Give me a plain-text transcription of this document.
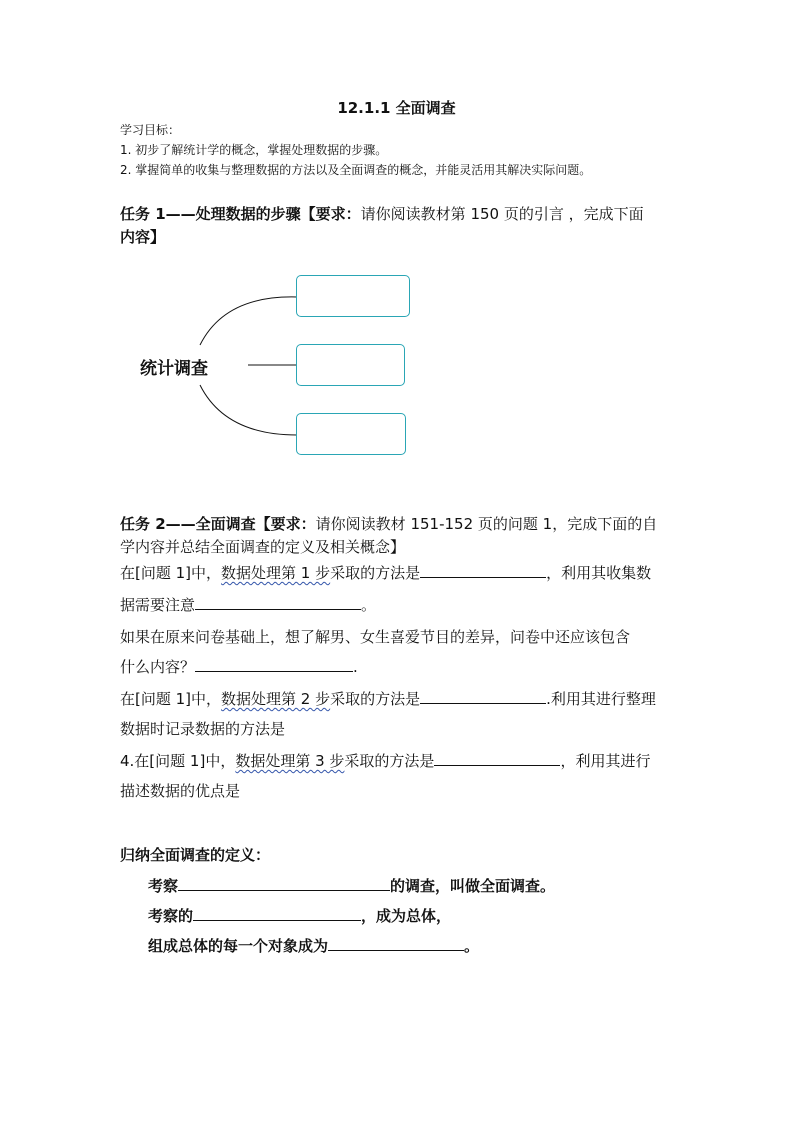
12.1.1 全面调查
学习目标：
1. 初步了解统计学的概念，掌握处理数据的步骤。
2. 掌握简单的收集与整理数据的方法以及全面调查的概念，并能灵活用其解决实际问题。
任务 1——处理数据的步骤【要求：请你阅读教材第 150 页的引言 ，完成下面
内容】
统计调查
任务 2——全面调查【要求：请你阅读教材 151-152 页的问题 1，完成下面的自
学内容并总结全面调查的定义及相关概念】
在[问题 1]中，数据处理第 1 步采取的方法是	，利用其收集数
据需要注意	。
如果在原来问卷基础上，想了解男、女生喜爱节目的差异，问卷中还应该包含
什么内容？	.
在[问题 1]中，数据处理第 2 步采取的方法是	.利用其进行整理
数据时记录数据的方法是
4.在[问题 1]中，数据处理第 3 步采取的方法是	，利用其进行
描述数据的优点是
归纳全面调查的定义：
考察	的调查，叫做全面调查。
考察的	，成为总体，
组成总体的每一个对象成为	。
